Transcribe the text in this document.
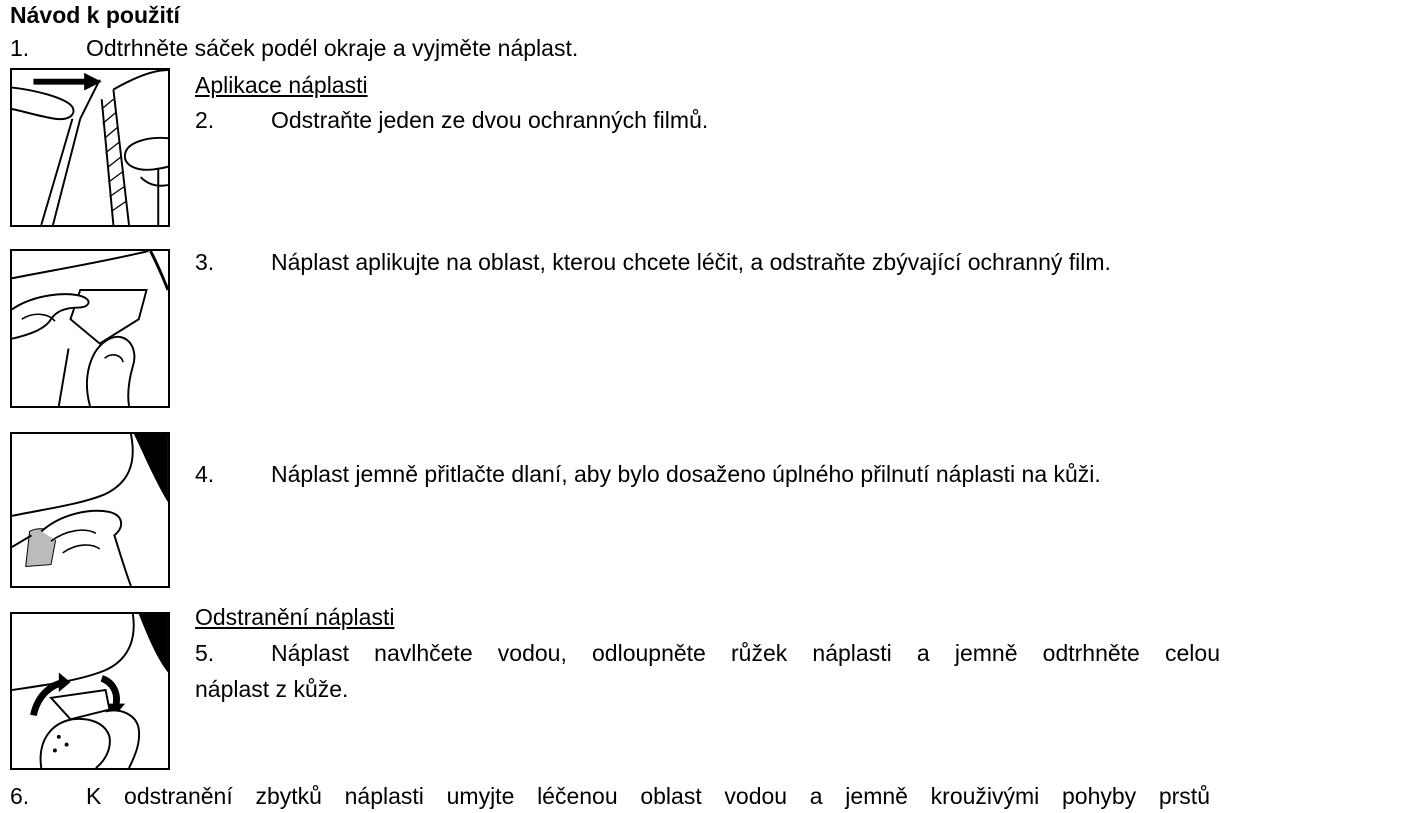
Návod k použití
1. Odtrhněte sáček podél okraje a vyjměte náplast.
Aplikace náplasti
2. Odstraňte jeden ze dvou ochranných filmů.
3. Náplast aplikujte na oblast, kterou chcete léčit, a odstraňte zbývající ochranný film.
4. Náplast jemně přitlačte dlaní, aby bylo dosaženo úplného přilnutí náplasti na kůži.
Odstranění náplasti
5. Náplast navlhčete vodou, odloupněte růžek náplasti a jemně odtrhněte celou
náplast z kůže.
6. K odstranění zbytků náplasti umyjte léčenou oblast vodou a jemně krouživými pohyby prstů
